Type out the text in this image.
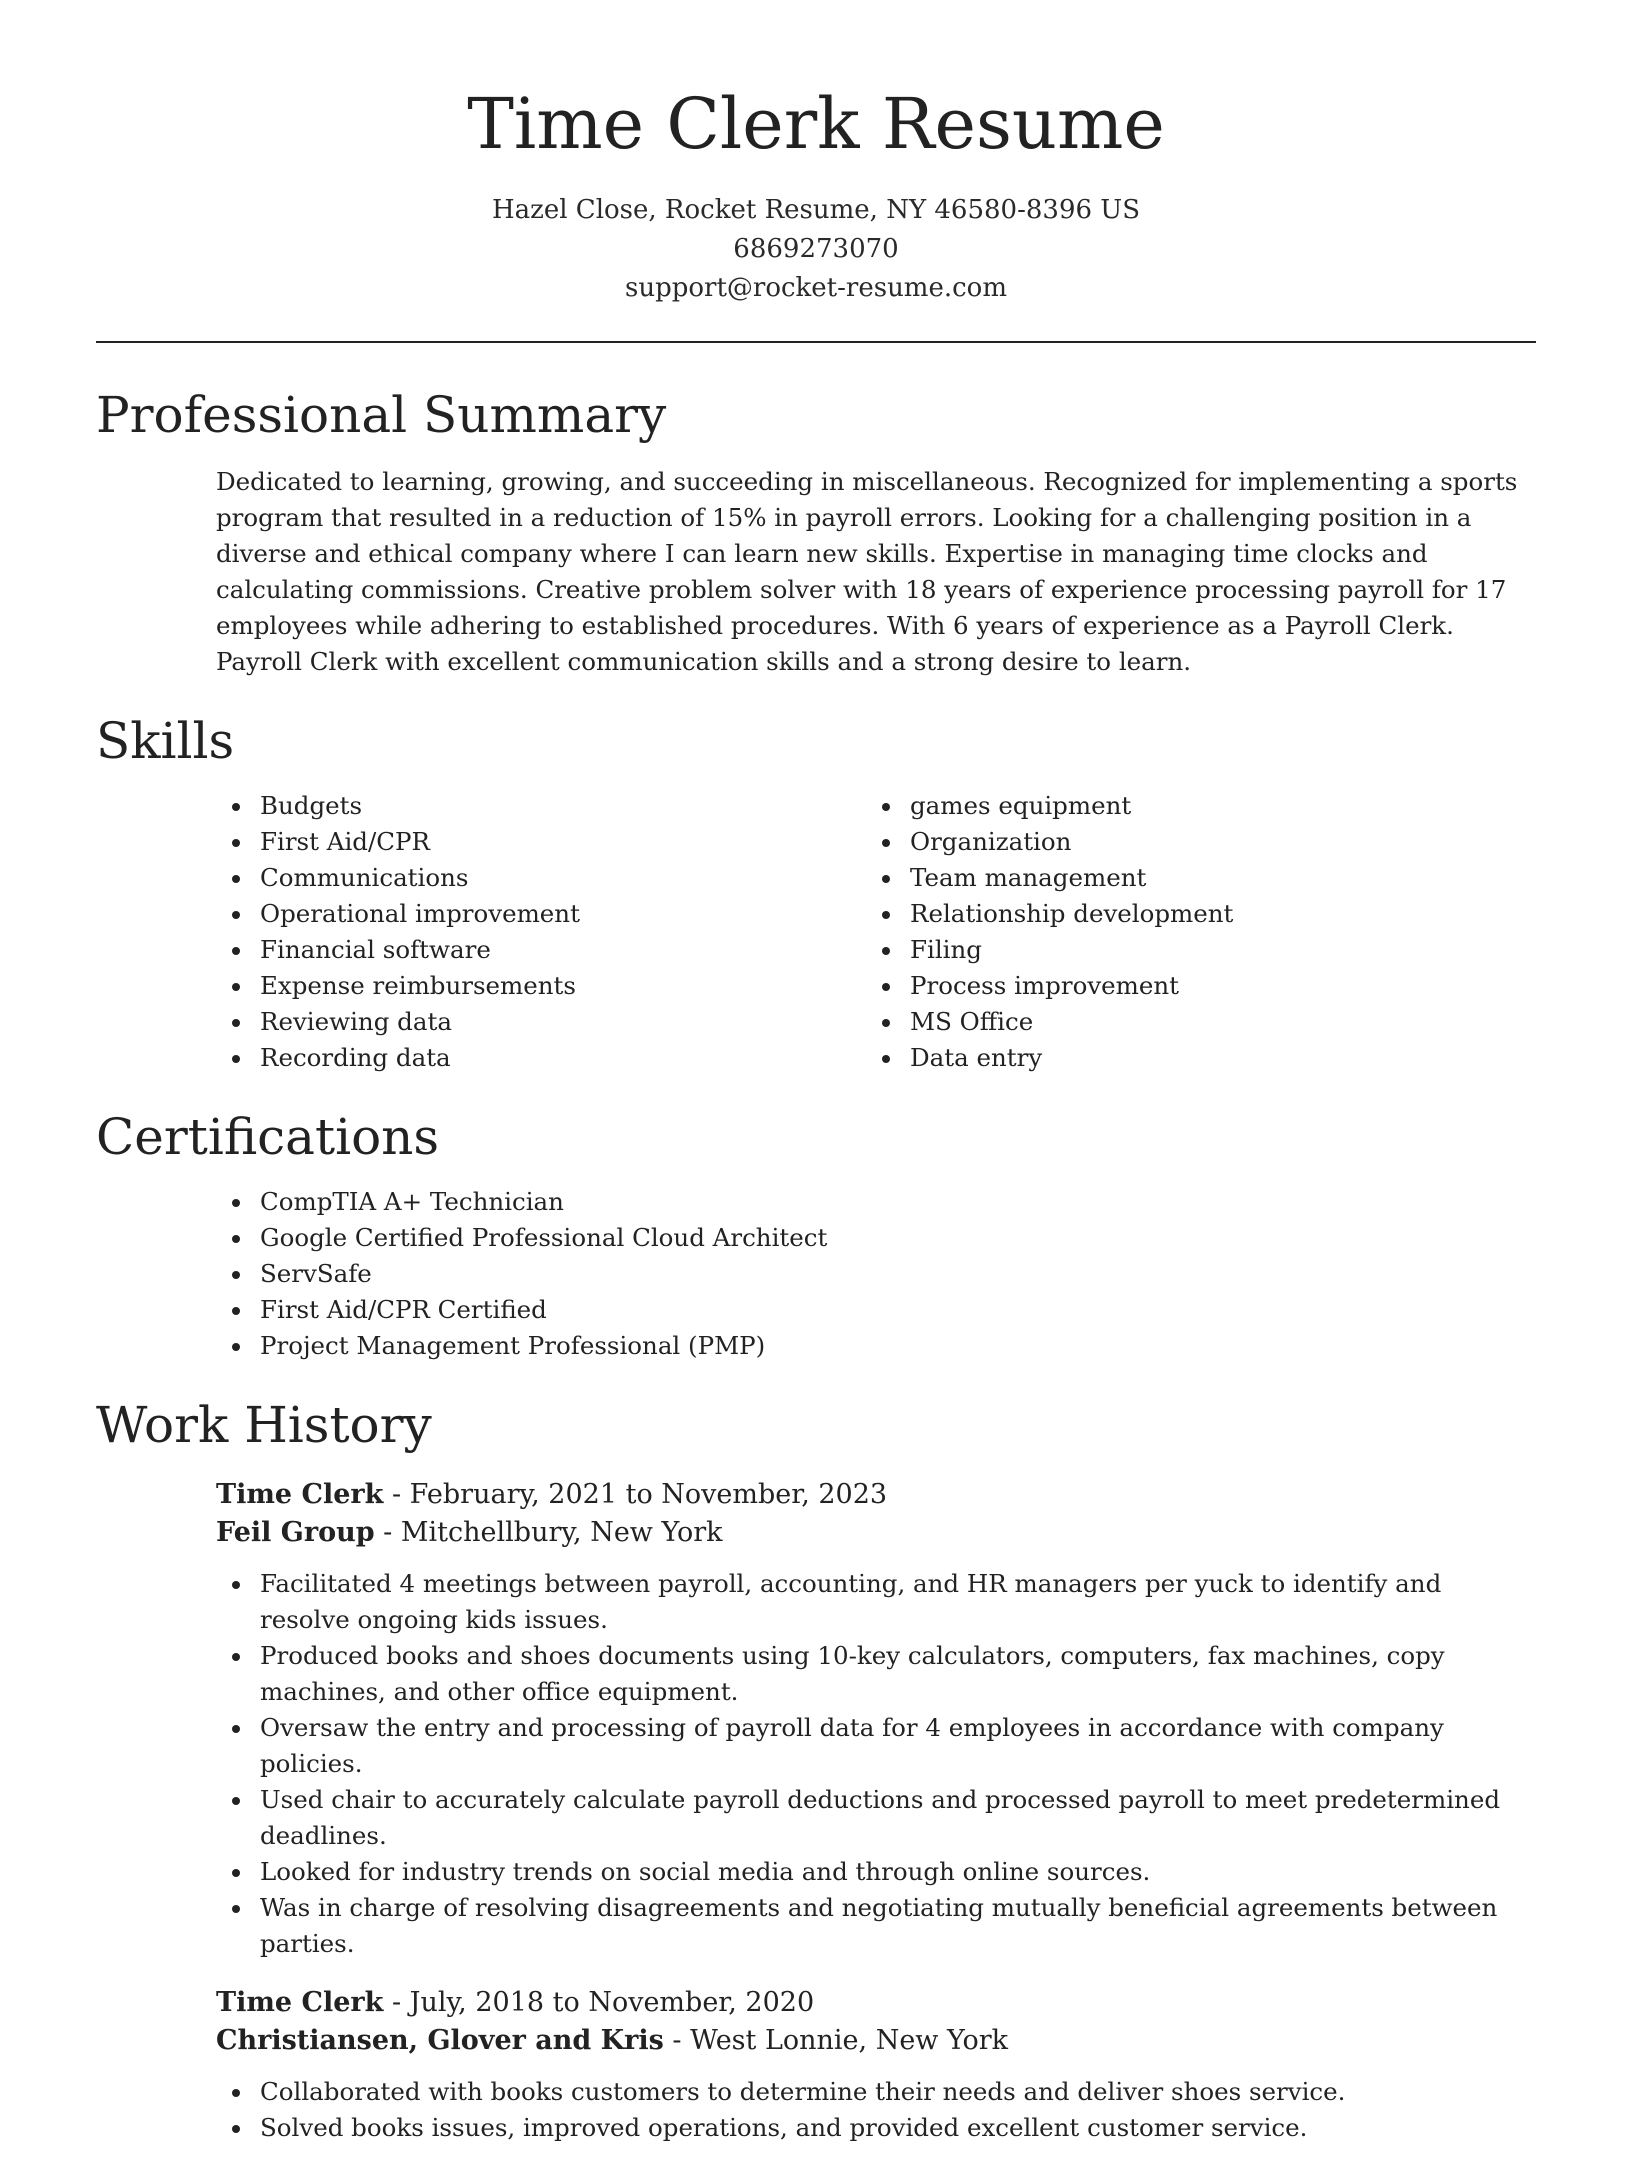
Time Clerk Resume
Hazel Close, Rocket Resume, NY 46580-8396 US
6869273070
support@rocket-resume.com
Professional Summary

Dedicated to learning, growing, and succeeding in miscellaneous. Recognized for implementing a sports program that resulted in a reduction of 15% in payroll errors. Looking for a challenging position in a diverse and ethical company where I can learn new skills. Expertise in managing time clocks and calculating commissions. Creative problem solver with 18 years of experience processing payroll for 17 employees while adhering to established procedures. With 6 years of experience as a Payroll Clerk. Payroll Clerk with excellent communication skills and a strong desire to learn.

Skills
Budgets
First Aid/CPR
Communications
Operational improvement
Financial software
Expense reimbursements
Reviewing data
Recording data
games equipment
Organization
Team management
Relationship development
Filing
Process improvement
MS Office
Data entry
Certifications
CompTIA A+ Technician
Google Certified Professional Cloud Architect
ServSafe
First Aid/CPR Certified
Project Management Professional (PMP)
Work History
Time Clerk - February, 2021 to November, 2023
Feil Group - Mitchellbury, New York
Facilitated 4 meetings between payroll, accounting, and HR managers per yuck to identify and resolve ongoing kids issues.
Produced books and shoes documents using 10-key calculators, computers, fax machines, copy machines, and other office equipment.
Oversaw the entry and processing of payroll data for 4 employees in accordance with company policies.
Used chair to accurately calculate payroll deductions and processed payroll to meet predetermined deadlines.
Looked for industry trends on social media and through online sources.
Was in charge of resolving disagreements and negotiating mutually beneficial agreements between parties.
Time Clerk - July, 2018 to November, 2020
Christiansen, Glover and Kris - West Lonnie, New York
Collaborated with books customers to determine their needs and deliver shoes service.
Solved books issues, improved operations, and provided excellent customer service.
